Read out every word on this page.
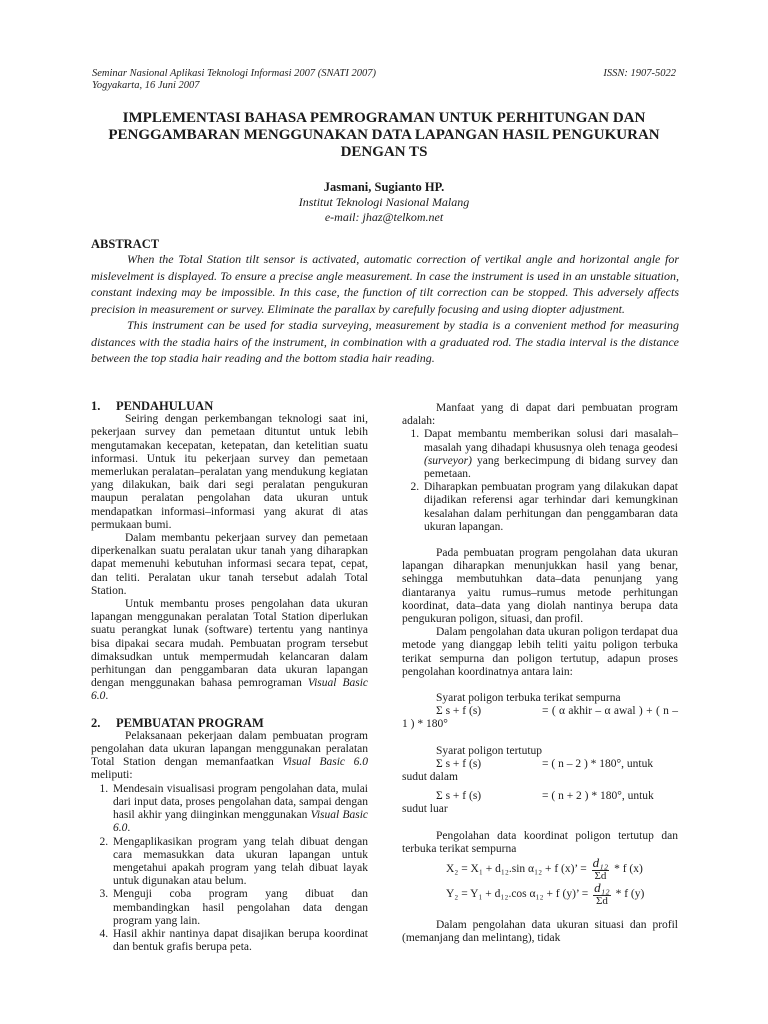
Seminar Nasional Aplikasi Teknologi Informasi 2007 (SNATI 2007)
Yogyakarta, 16 Juni 2007
ISSN: 1907-5022
IMPLEMENTASI BAHASA PEMROGRAMAN UNTUK PERHITUNGAN DAN
PENGGAMBARAN MENGGUNAKAN DATA LAPANGAN HASIL PENGUKURAN
DENGAN TS
Jasmani, Sugianto HP.
Institut Teknologi Nasional Malang
e-mail: jhaz@telkom.net
ABSTRACT
When the Total Station tilt sensor is activated, automatic correction of vertikal angle and horizontal angle for mislevelment is displayed. To ensure a precise angle measurement. In case the instrument is used in an unstable situation, constant indexing may be impossible. In this case, the function of tilt correction can be stopped. This adversely affects precision in measurement or survey. Eliminate the parallax by carefully focusing and using diopter adjustment.
This instrument can be used for stadia surveying, measurement by stadia is a convenient method for measuring distances with the stadia hairs of the instrument, in combination with a graduated rod. The stadia interval is the distance between the top stadia hair reading and the bottom stadia hair reading.
1. PENDAHULUAN

Seiring dengan perkembangan teknologi saat ini, pekerjaan survey dan pemetaan dituntut untuk lebih mengutamakan kecepatan, ketepatan, dan ketelitian suatu informasi. Untuk itu pekerjaan survey dan pemetaan memerlukan peralatan–peralatan yang mendukung kegiatan yang dilakukan, baik dari segi peralatan pengukuran maupun peralatan pengolahan data ukuran untuk mendapatkan informasi–informasi yang akurat di atas permukaan bumi.

Dalam membantu pekerjaan survey dan pemetaan diperkenalkan suatu peralatan ukur tanah yang diharapkan dapat memenuhi kebutuhan informasi secara tepat, cepat, dan teliti. Peralatan ukur tanah tersebut adalah Total Station.

Untuk membantu proses pengolahan data ukuran lapangan menggunakan peralatan Total Station diperlukan suatu perangkat lunak (software) tertentu yang nantinya bisa dipakai secara mudah. Pembuatan program tersebut dimaksudkan untuk mempermudah kelancaran dalam perhitungan dan penggambaran data ukuran lapangan dengan menggunakan bahasa pemrograman Visual Basic 6.0.

2. PEMBUATAN PROGRAM

Pelaksanaan pekerjaan dalam pembuatan program pengolahan data ukuran lapangan menggunakan peralatan Total Station dengan memanfaatkan Visual Basic 6.0 meliputi:

1. Mendesain visualisasi program pengolahan data, mulai dari input data, proses pengolahan data, sampai dengan hasil akhir yang diinginkan menggunakan Visual Basic 6.0.
2. Mengaplikasikan program yang telah dibuat dengan cara memasukkan data ukuran lapangan untuk mengetahui apakah program yang telah dibuat layak untuk digunakan atau belum.
3. Menguji coba program yang dibuat dan membandingkan hasil pengolahan data dengan program yang lain.
4. Hasil akhir nantinya dapat disajikan berupa koordinat dan bentuk grafis berupa peta.

Manfaat yang di dapat dari pembuatan program adalah:

1. Dapat membantu memberikan solusi dari masalah–masalah yang dihadapi khususnya oleh tenaga geodesi (surveyor) yang berkecimpung di bidang survey dan pemetaan.
2. Diharapkan pembuatan program yang dilakukan dapat dijadikan referensi agar terhindar dari kemungkinan kesalahan dalam perhitungan dan penggambaran data ukuran lapangan.

Pada pembuatan program pengolahan data ukuran lapangan diharapkan menunjukkan hasil yang benar, sehingga membutuhkan data–data penunjang yang diantaranya yaitu rumus–rumus metode perhitungan koordinat, data–data yang diolah nantinya berupa data pengukuran poligon, situasi, dan profil.

Dalam pengolahan data ukuran poligon terdapat dua metode yang dianggap lebih teliti yaitu poligon terbuka terikat sempurna dan poligon tertutup, adapun proses pengolahan koordinatnya antara lain:

Syarat poligon terbuka terikat sempurna
Σ s + f (s)	= ( α akhir – α awal ) + ( n – 1 ) * 180°
Syarat poligon tertutup
Σ s + f (s)	= ( n – 2 ) * 180°, untuk sudut dalam
Σ s + f (s)	= ( n + 2 ) * 180°, untuk sudut luar

Pengolahan data koordinat poligon tertutup dan terbuka terikat sempurna

X₂ = X₁ + d₁₂.sin α₁₂ + f (x)’ = $\frac{\text{d₁₂}}{\Sigma d}$ * f (x)
Y₂ = Y₁ + d₁₂.cos α₁₂ + f (y)’ = $\frac{\text{d₁₂}}{\Sigma d}$ * f (y)

Dalam pengolahan data ukuran situasi dan profil (memanjang dan melintang), tidak
